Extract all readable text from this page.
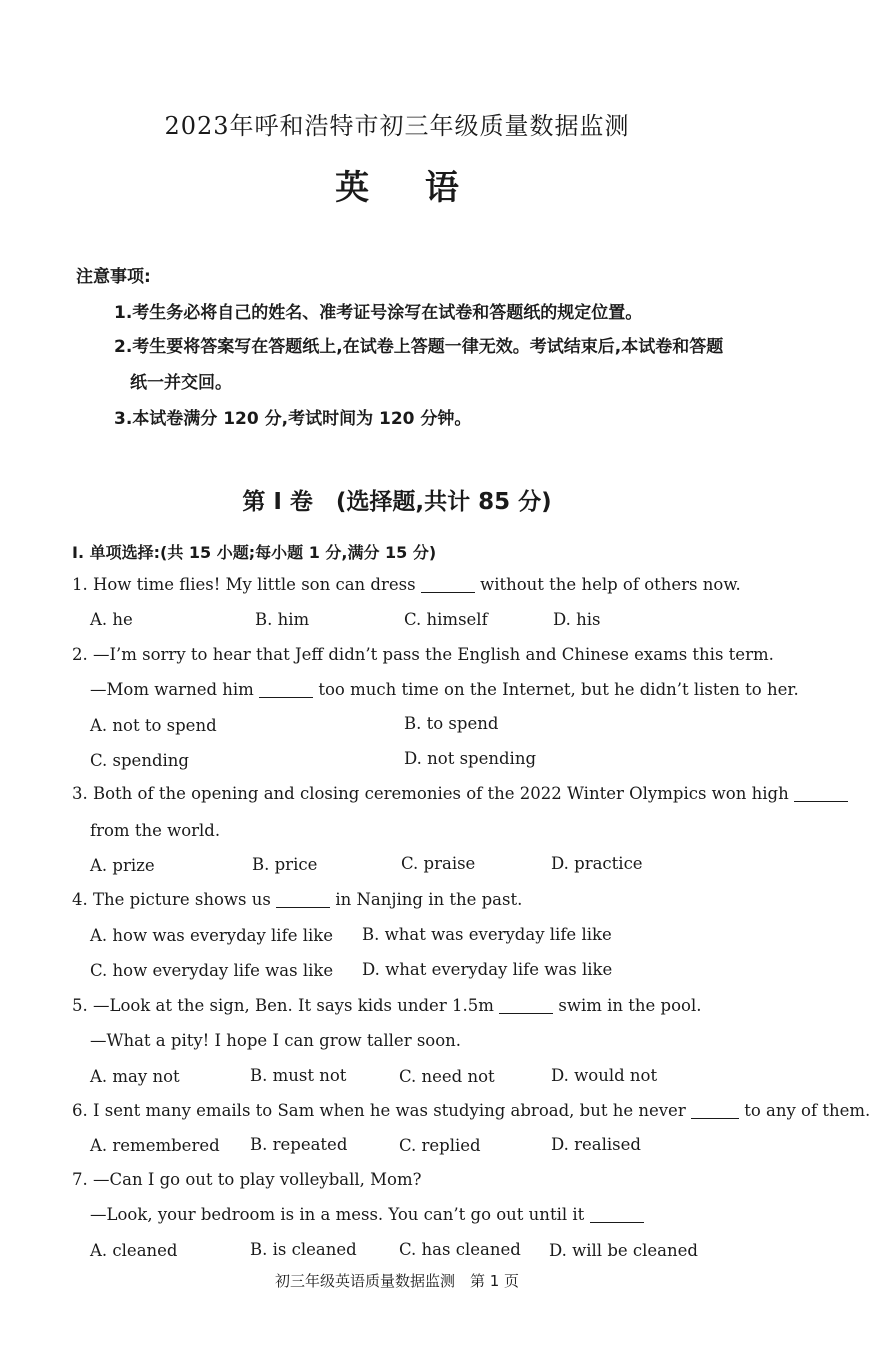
2023年呼和浩特市初三年级质量数据监测
英 语
注意事项:
1.考生务必将自己的姓名、准考证号涂写在试卷和答题纸的规定位置。
2.考生要将答案写在答题纸上,在试卷上答题一律无效。考试结束后,本试卷和答题
纸一并交回。
3.本试卷满分 120 分,考试时间为 120 分钟。
第 I 卷　(选择题,共计 85 分)
I. 单项选择:(共 15 小题;每小题 1 分,满分 15 分)
1. How time flies! My little son can dress	without the help of others now.
A. he	B. him	C. himself	D. his
2. —I’m sorry to hear that Jeff didn’t pass the English and Chinese exams this term.
—Mom warned him	too much time on the Internet, but he didn’t listen to her.
A. not to spend	B. to spend
C. spending	D. not spending
3. Both of the opening and closing ceremonies of the 2022 Winter Olympics won high
from the world.
A. prize	B. price	C. praise	D. practice
4. The picture shows us	in Nanjing in the past.
A. how was everyday life like B. what was everyday life like
C. how everyday life was like D. what everyday life was like
5. —Look at the sign, Ben. It says kids under 1.5m	swim in the pool.
—What a pity! I hope I can grow taller soon.
A. may not	B. must not	C. need not	D. would not
6. I sent many emails to Sam when he was studying abroad, but he never	to any of them.
A. remembered B. repeated	C. replied	D. realised
7. —Can I go out to play volleyball, Mom?
—Look, your bedroom is in a mess. You can’t go out until it
A. cleaned	B. is cleaned	C. has cleaned D. will be cleaned
初三年级英语质量数据监测　第 1 页
